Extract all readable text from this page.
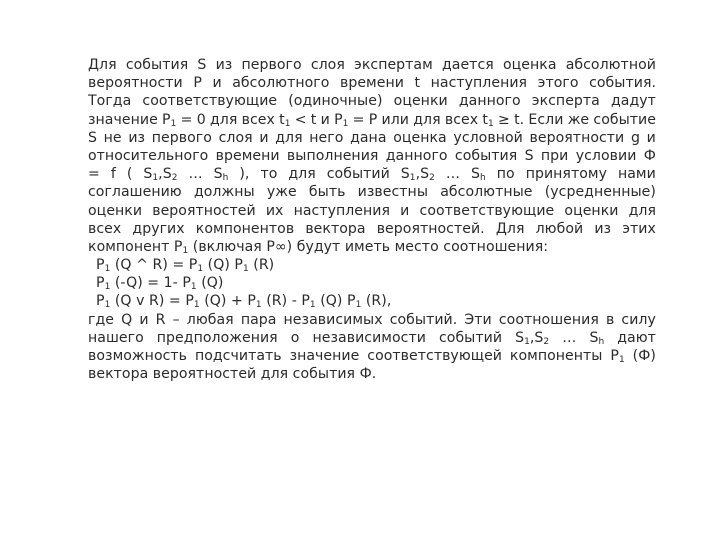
Для события S из первого слоя экспертам дается оценка абсолютной
вероятности Р и абсолютного времени t наступления этого события.
Тогда соответствующие (одиночные) оценки данного эксперта дадут
значение $Р_1 = 0$ для всех $t_1 < t$ и $Р_1 = P$ или для всех $t_1 \ge t$. Если же событие
S не из первого слоя и для него дана оценка условной вероятности g и
относительного времени выполнения данного события S при условии Ф
= f ( $S_1,S_2$ … $S_h$ ), то для событий $S_1,S_2$ … $S_h$ по принятому нами
соглашению должны уже быть известны абсолютные (усредненные)
оценки вероятностей их наступления и соответствующие оценки для
всех других компонентов вектора вероятностей. Для любой из этих
компонент $Р_1$ (включая Р∞) будут иметь место соотношения:
$P_1$ (Q ^ $R) = P_1$ (Q) $P_1$ (R)
$P_1$ (-Q) = 1- $P_1$ (Q)
$P_1$ (Q v $R) = P_1$ $(Q) + P_1$ $(R) - P_1$ (Q) $P_1$ (R),
где Q и R – любая пара независимых событий. Эти соотношения в силу
нашего предположения о независимости событий $S_1,S_2$ … $S_h$ дают
возможность подсчитать значение соответствующей компоненты $Р_1$ (Ф)
вектора вероятностей для события Ф.
